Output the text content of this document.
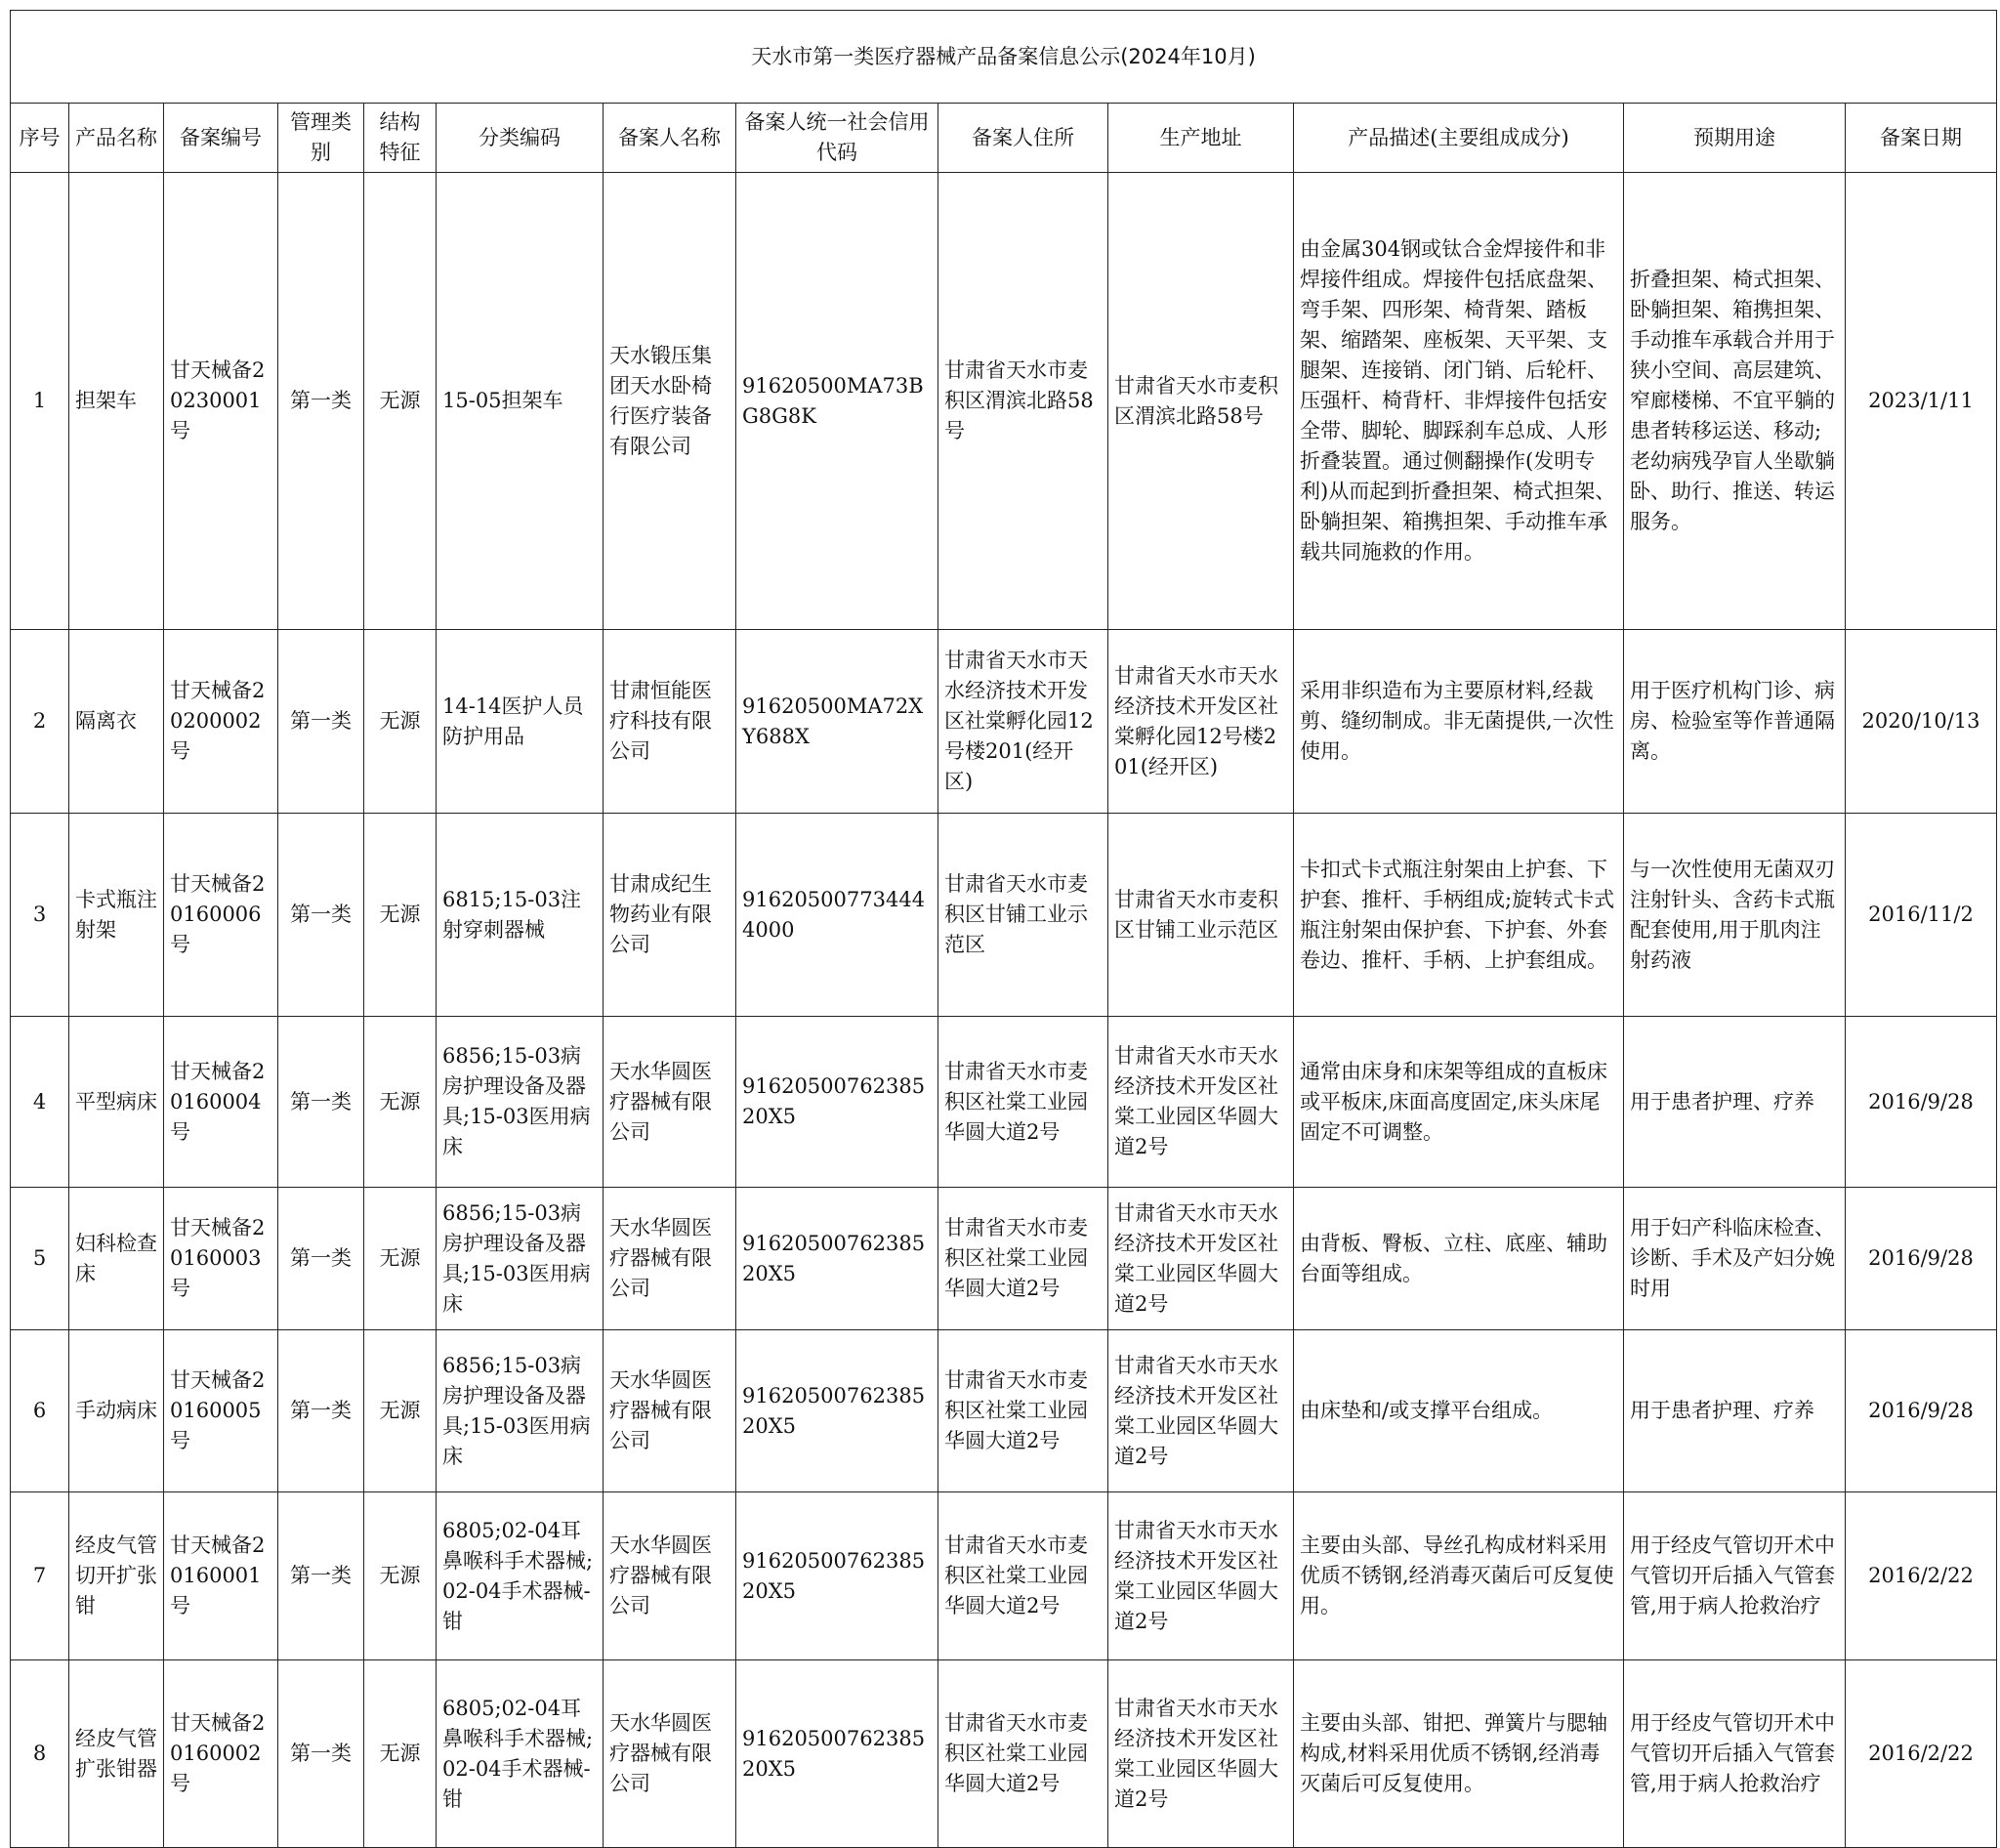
天水市第一类医疗器械产品备案信息公示(2024年10月)												
序号	产品名称	备案编号	管理类别	结构特征	分类编码	备案人名称	备案人统一社会信用代码	备案人住所	生产地址	产品描述(主要组成成分)	预期用途	备案日期
1	担架车	甘天械备20230001号	第一类	无源	15-05担架车	天水锻压集团天水卧椅行医疗装备有限公司	91620500MA73BG8G8K	甘肃省天水市麦积区渭滨北路58号	甘肃省天水市麦积区渭滨北路58号	由金属304钢或钛合金焊接件和非焊接件组成。焊接件包括底盘架、弯手架、四形架、椅背架、踏板架、缩踏架、座板架、天平架、支腿架、连接销、闭门销、后轮杆、压强杆、椅背杆、非焊接件包括安全带、脚轮、脚踩刹车总成、人形折叠装置。通过侧翻操作(发明专利)从而起到折叠担架、椅式担架、卧躺担架、箱携担架、手动推车承载共同施救的作用。	折叠担架、椅式担架、卧躺担架、箱携担架、手动推车承载合并用于狭小空间、高层建筑、窄廊楼梯、不宜平躺的患者转移运送、移动;老幼病残孕盲人坐歇躺卧、助行、推送、转运服务。	2023/1/11
2	隔离衣	甘天械备20200002号	第一类	无源	14-14医护人员防护用品	甘肃恒能医疗科技有限公司	91620500MA72XY688X	甘肃省天水市天水经济技术开发区社棠孵化园12号楼201(经开区)	甘肃省天水市天水经济技术开发区社棠孵化园12号楼201(经开区)	采用非织造布为主要原材料,经裁剪、缝纫制成。非无菌提供,一次性使用。	用于医疗机构门诊、病房、检验室等作普通隔离。	2020/10/13
3	卡式瓶注射架	甘天械备20160006号	第一类	无源	6815;15-03注射穿刺器械	甘肃成纪生物药业有限公司	916205007734444000	甘肃省天水市麦积区甘铺工业示范区	甘肃省天水市麦积区甘铺工业示范区	卡扣式卡式瓶注射架由上护套、下护套、推杆、手柄组成;旋转式卡式瓶注射架由保护套、下护套、外套卷边、推杆、手柄、上护套组成。	与一次性使用无菌双刃注射针头、含药卡式瓶配套使用,用于肌肉注射药液	2016/11/2
4	平型病床	甘天械备20160004号	第一类	无源	6856;15-03病房护理设备及器具;15-03医用病床	天水华圆医疗器械有限公司	9162050076238520X5	甘肃省天水市麦积区社棠工业园华圆大道2号	甘肃省天水市天水经济技术开发区社棠工业园区华圆大道2号	通常由床身和床架等组成的直板床或平板床,床面高度固定,床头床尾固定不可调整。	用于患者护理、疗养	2016/9/28
5	妇科检查床	甘天械备20160003号	第一类	无源	6856;15-03病房护理设备及器具;15-03医用病床	天水华圆医疗器械有限公司	9162050076238520X5	甘肃省天水市麦积区社棠工业园华圆大道2号	甘肃省天水市天水经济技术开发区社棠工业园区华圆大道2号	由背板、臀板、立柱、底座、辅助台面等组成。	用于妇产科临床检查、诊断、手术及产妇分娩时用	2016/9/28
6	手动病床	甘天械备20160005号	第一类	无源	6856;15-03病房护理设备及器具;15-03医用病床	天水华圆医疗器械有限公司	9162050076238520X5	甘肃省天水市麦积区社棠工业园华圆大道2号	甘肃省天水市天水经济技术开发区社棠工业园区华圆大道2号	由床垫和/或支撑平台组成。	用于患者护理、疗养	2016/9/28
7	经皮气管切开扩张钳	甘天械备20160001号	第一类	无源	6805;02-04耳鼻喉科手术器械;02-04手术器械-钳	天水华圆医疗器械有限公司	9162050076238520X5	甘肃省天水市麦积区社棠工业园华圆大道2号	甘肃省天水市天水经济技术开发区社棠工业园区华圆大道2号	主要由头部、导丝孔构成材料采用优质不锈钢,经消毒灭菌后可反复使用。	用于经皮气管切开术中气管切开后插入气管套管,用于病人抢救治疗	2016/2/22
8	经皮气管扩张钳器	甘天械备20160002号	第一类	无源	6805;02-04耳鼻喉科手术器械;02-04手术器械-钳	天水华圆医疗器械有限公司	9162050076238520X5	甘肃省天水市麦积区社棠工业园华圆大道2号	甘肃省天水市天水经济技术开发区社棠工业园区华圆大道2号	主要由头部、钳把、弹簧片与腮轴构成,材料采用优质不锈钢,经消毒灭菌后可反复使用。	用于经皮气管切开术中气管切开后插入气管套管,用于病人抢救治疗	2016/2/22
